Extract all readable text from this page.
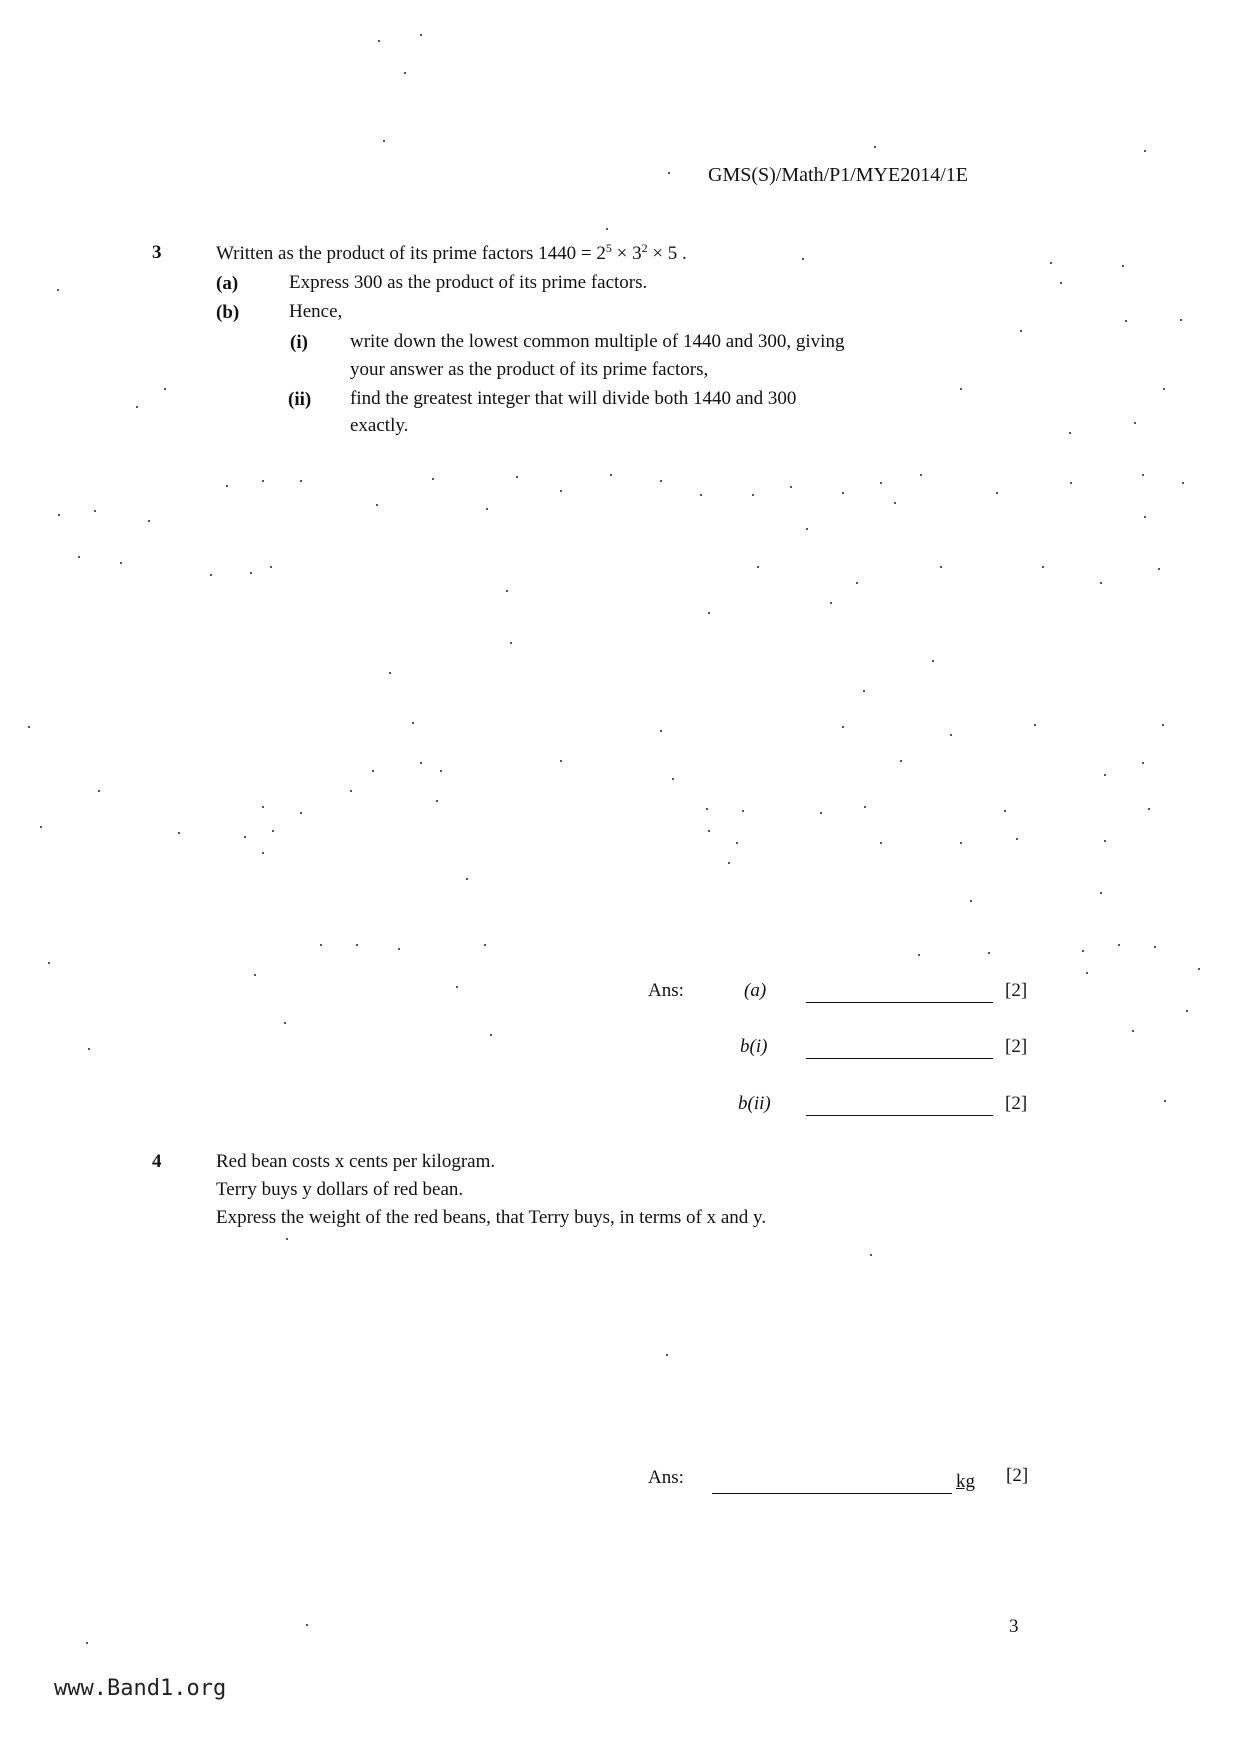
GMS(S)/Math/P1/MYE2014/1E
3	Written as the product of its prime factors $1440 = 2^5 \times 3^2 \times 5$ .
(a)	Express 300 as the product of its prime factors.
(b)	Hence,
(i) write down the lowest common multiple of 1440 and 300, giving
your answer as the product of its prime factors,
(ii) find the greatest integer that will divide both 1440 and 300
exactly.
Ans:	(a)	[2]
b(i)	[2]
b(ii)	[2]
4	Red bean costs x cents per kilogram.
Terry buys y dollars of red bean.
Express the weight of the red beans, that Terry buys, in terms of x and y.
Ans:	kg [2]
3
www.Band1.org
